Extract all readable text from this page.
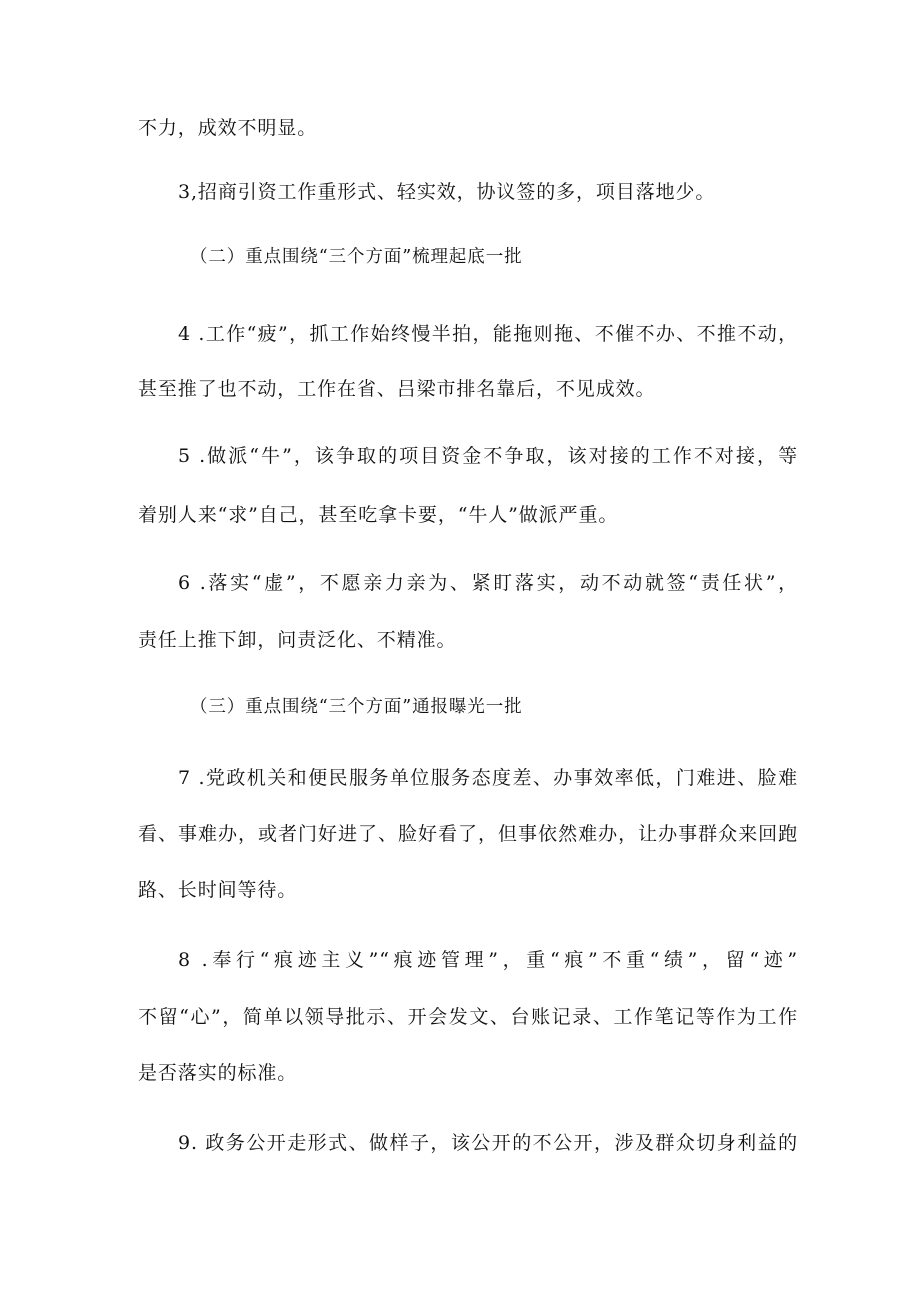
不力，成效不明显。
3,招商引资工作重形式、轻实效，协议签的多，项目落地少。
（二）重点围绕“三个方面”梳理起底一批
4 .工作“疲”，抓工作始终慢半拍，能拖则拖、不催不办、不推不动，
甚至推了也不动，工作在省、吕梁市排名靠后，不见成效。
5 .做派“牛”，该争取的项目资金不争取，该对接的工作不对接，等
着别人来“求”自己，甚至吃拿卡要，“牛人”做派严重。
6 .落实“虚”，不愿亲力亲为、紧盯落实，动不动就签“责任状”，
责任上推下卸，问责泛化、不精准。
（三）重点围绕“三个方面”通报曝光一批
7 .党政机关和便民服务单位服务态度差、办事效率低，门难进、脸难
看、事难办，或者门好进了、脸好看了，但事依然难办，让办事群众来回跑
路、长时间等待。
8 .奉行“痕迹主义”“痕迹管理”，重“痕”不重“绩”，留“迹”
不留“心”，简单以领导批示、开会发文、台账记录、工作笔记等作为工作
是否落实的标准。
9. 政务公开走形式、做样子，该公开的不公开，涉及群众切身利益的
